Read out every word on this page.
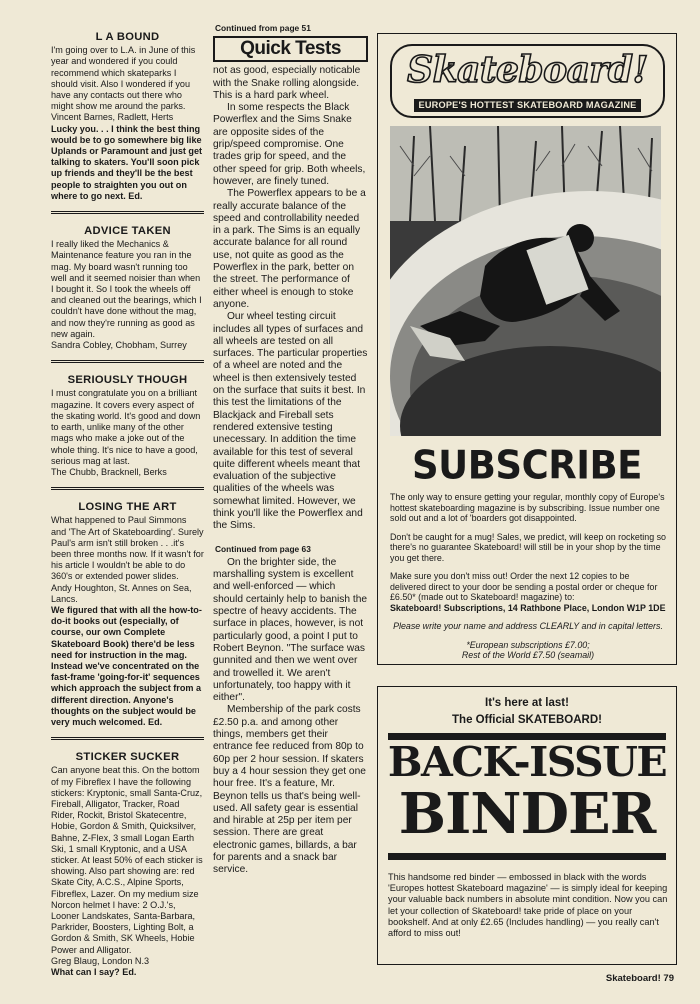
L A BOUND

I'm going over to L.A. in June of this year and wondered if you could recommend which skateparks I should visit. Also I wondered if you have any contacts out there who might show me around the parks.

Vincent Barnes, Radlett, Herts

Lucky you. . . I think the best thing would be to go somewhere big like Uplands or Paramount and just get talking to skaters. You'll soon pick up friends and they'll be the best people to straighten you out on where to go next. Ed.

ADVICE TAKEN

I really liked the Mechanics & Maintenance feature you ran in the mag. My board wasn't running too well and it seemed noisier than when I bought it. So I took the wheels off and cleaned out the bearings, which I couldn't have done without the mag, and now they're running as good as new again.

Sandra Cobley, Chobham, Surrey

SERIOUSLY THOUGH

I must congratulate you on a brilliant magazine. It covers every aspect of the skating world. It's good and down to earth, unlike many of the other mags who make a joke out of the whole thing. It's nice to have a good, serious mag at last.

The Chubb, Bracknell, Berks

LOSING THE ART

What happened to Paul Simmons and 'The Art of Skateboarding'. Surely Paul's arm isn't still broken . . .it's been three months now. If it wasn't for his article I wouldn't be able to do 360's or extended power slides.

Andy Houghton, St. Annes on Sea, Lancs.

We figured that with all the how-to-do-it books out (especially, of course, our own Complete Skateboard Book) there'd be less need for instruction in the mag. Instead we've concentrated on the fast-frame 'going-for-it' sequences which approach the subject from a different direction. Anyone's thoughts on the subject would be very much welcomed. Ed.

STICKER SUCKER

Can anyone beat this. On the bottom of my Fibreflex I have the following stickers: Kryptonic, small Santa-Cruz, Fireball, Alligator, Tracker, Road Rider, Rockit, Bristol Skatecentre, Hobie, Gordon & Smith, Quicksilver, Bahne, Z-Flex, 3 small Logan Earth Ski, 1 small Kryptonic, and a USA sticker. At least 50% of each sticker is showing. Also part showing are: red Skate City, A.C.S., Alpine Sports, Fibreflex, Lazer. On my medium size Norcon helmet I have: 2 O.J.'s, Looner Landskates, Santa-Barbara, Parkrider, Boosters, Lighting Bolt, a Gordon & Smith, SK Wheels, Hobie Power and Alligator.

Greg Blaug, London N.3

What can I say? Ed.

Continued from page 51
Quick Tests

not as good, especially noticable with the Snake rolling alongside. This is a hard park wheel.

In some respects the Black Powerflex and the Sims Snake are opposite sides of the grip/speed compromise. One trades grip for speed, and the other speed for grip. Both wheels, however, are finely tuned.

The Powerflex appears to be a really accurate balance of the speed and controllability needed in a park. The Sims is an equally accurate balance for all round use, not quite as good as the Powerflex in the park, better on the street. The performance of either wheel is enough to stoke anyone.

Our wheel testing circuit includes all types of surfaces and all wheels are tested on all surfaces. The particular properties of a wheel are noted and the wheel is then extensively tested on the surface that suits it best. In this test the limitations of the Blackjack and Fireball sets rendered extensive testing unecessary. In addition the time available for this test of several quite different wheels meant that evaluation of the subjective qualities of the wheels was somewhat limited. However, we think you'll like the Powerflex and the Sims.

Continued from page 63

On the brighter side, the marshalling system is excellent and well-enforced — which should certainly help to banish the spectre of heavy accidents. The surface in places, however, is not particularly good, a point I put to Robert Beynon. "The surface was gunnited and then we went over and trowelled it. We aren't unfortunately, too happy with it either".

Membership of the park costs £2.50 p.a. and among other things, members get their entrance fee reduced from 80p to 60p per 2 hour session. If skaters buy a 4 hour session they get one hour free. It's a feature, Mr. Beynon tells us that's being well-used. All safety gear is essential and hirable at 25p per item per session. There are great electronic games, billards, a bar for parents and a snack bar service.

Skateboard!
EUROPE'S HOTTEST SKATEBOARD MAGAZINE
SUBSCRIBE

The only way to ensure getting your regular, monthly copy of Europe's hottest skateboarding magazine is by subscribing. Issue number one sold out and a lot of 'boarders got disappointed.

Don't be caught for a mug! Sales, we predict, will keep on rocketing so there's no guarantee Skateboard! will still be in your shop by the time you get there.

Make sure you don't miss out! Order the next 12 copies to be delivered direct to your door be sending a postal order or cheque for £6.50* (made out to Skateboard! magazine) to:
Skateboard! Subscriptions, 14 Rathbone Place, London W1P 1DE

Please write your name and address CLEARLY and in capital letters.

*European subscriptions £7.00;
Rest of the World £7.50 (seamail)

It's here at last!
The Official SKATEBOARD!
BACK-ISSUE
BINDER
This handsome red binder — embossed in black with the words 'Europes hottest Skateboard magazine' — is simply ideal for keeping your valuable back numbers in absolute mint condition. Now you can let your collection of Skateboard! take pride of place on your bookshelf. And at only £2.65 (Includes handling) — you really can't afford to miss out!
Skateboard! 79
